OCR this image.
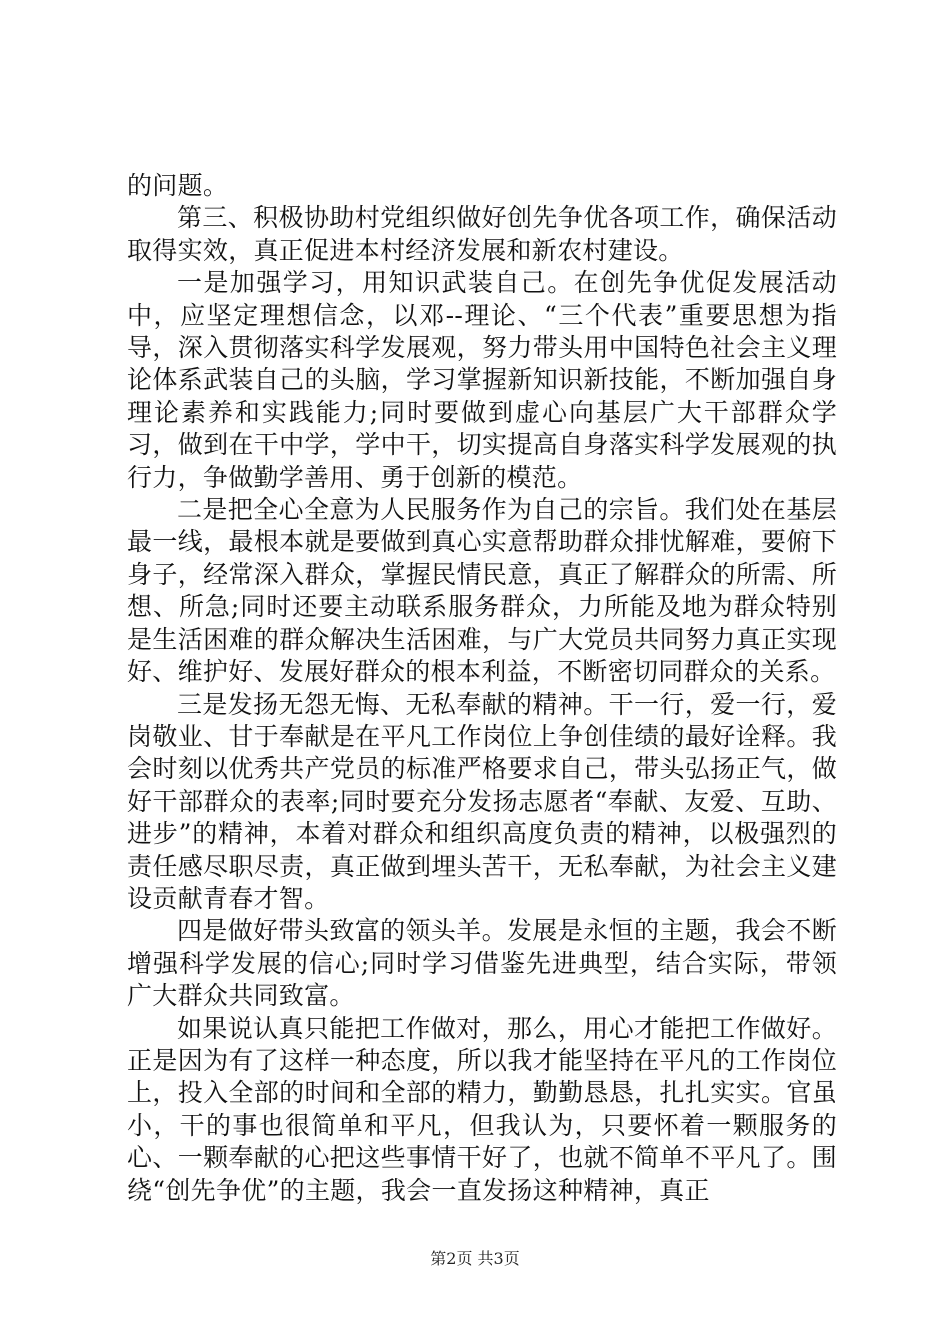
的问题。

第三、积极协助村党组织做好创先争优各项工作，确保活动取得实效，真正促进本村经济发展和新农村建设。

一是加强学习，用知识武装自己。在创先争优促发展活动中，应坚定理想信念，以邓--理论、“三个代表”重要思想为指导，深入贯彻落实科学发展观，努力带头用中国特色社会主义理论体系武装自己的头脑，学习掌握新知识新技能，不断加强自身理论素养和实践能力;同时要做到虚心向基层广大干部群众学习，做到在干中学，学中干，切实提高自身落实科学发展观的执行力，争做勤学善用、勇于创新的模范。

二是把全心全意为人民服务作为自己的宗旨。我们处在基层最一线，最根本就是要做到真心实意帮助群众排忧解难，要俯下身子，经常深入群众，掌握民情民意，真正了解群众的所需、所想、所急;同时还要主动联系服务群众，力所能及地为群众特别是生活困难的群众解决生活困难，与广大党员共同努力真正实现好、维护好、发展好群众的根本利益，不断密切同群众的关系。

三是发扬无怨无悔、无私奉献的精神。干一行，爱一行，爱岗敬业、甘于奉献是在平凡工作岗位上争创佳绩的最好诠释。我会时刻以优秀共产党员的标准严格要求自己，带头弘扬正气，做好干部群众的表率;同时要充分发扬志愿者“奉献、友爱、互助、进步”的精神，本着对群众和组织高度负责的精神，以极强烈的责任感尽职尽责，真正做到埋头苦干，无私奉献，为社会主义建设贡献青春才智。

四是做好带头致富的领头羊。发展是永恒的主题，我会不断增强科学发展的信心;同时学习借鉴先进典型，结合实际，带领广大群众共同致富。

如果说认真只能把工作做对，那么，用心才能把工作做好。正是因为有了这样一种态度，所以我才能坚持在平凡的工作岗位上，投入全部的时间和全部的精力，勤勤恳恳，扎扎实实。官虽小，干的事也很简单和平凡，但我认为，只要怀着一颗服务的心、一颗奉献的心把这些事情干好了，也就不简单不平凡了。围绕“创先争优”的主题，我会一直发扬这种精神，真正

第2页 共3页
